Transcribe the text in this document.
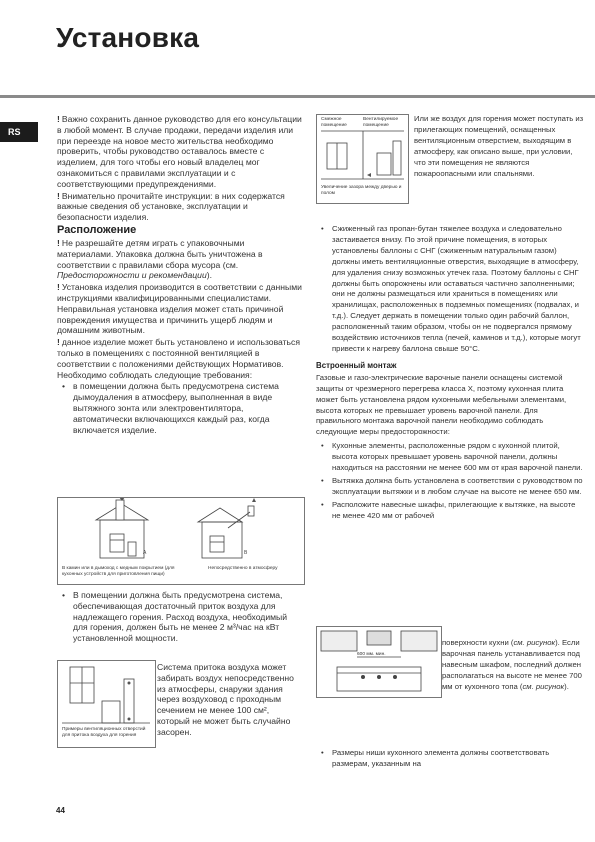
Установка
RS

! Важно сохранить данное руководство для его консультации в любой момент. В случае продажи, передачи изделия или при переезде на новое место жительства необходимо проверить, чтобы руководство оставалось вместе с изделием, для того чтобы его новый владелец мог ознакомиться с правилами эксплуатации и с соответствующими предупреждениями.

! Внимательно прочитайте инструкции: в них содержатся важные сведения об установке, эксплуатации и безопасности изделия.

Расположение

! Не разрешайте детям играть с упаковочными материалами. Упаковка должна быть уничтожена в соответствии с правилами сбора мусора (см. Предосторожности и рекомендации).

! Установка изделия производится в соответствии с данными инструкциями квалифицированными специалистами. Неправильная установка изделия может стать причиной повреждения имущества и причинить ущерб людям и домашним животным.

! данное изделие может быть установлено и использоваться только в помещениях с постоянной вентиляцией в соответствии с положениями действующих Нормативов. Необходимо соблюдать следующие требования:

• в помещении должна быть предусмотрена система дымоудаления в атмосферу, выполненная в виде вытяжного зонта или электровентилятора, автоматически включающихся каждый раз, когда включается изделие.
A	B
В камин или в дымоход с медным покрытием (для кухонных устройств для приготовления пищи)
Непосредственно в атмосферу
• В помещении должна быть предусмотрена система, обеспечивающая достаточный приток воздуха для надлежащего горения. Расход воздуха, необходимый для горения, должен быть не менее 2 м³/час на кВт установленной мощности.
Примеры вентиляционных отверстий для притока воздуха для горения
Система притока воздуха может забирать воздух непосредственно из атмосферы, снаружи здания через воздуховод с проходным сечением не менее 100 см², который не может быть случайно засорен.
Смежное помещение
Вентилируемое помещение
Увеличение зазора между дверью и полом
Или же воздух для горения может поступать из прилегающих помещений, оснащенных вентиляционным отверстием, выходящим в атмосферу, как описано выше, при условии, что эти помещения не являются пожароопасными или спальнями.
• Сжиженный газ пропан-бутан тяжелее воздуха и следовательно застаивается внизу. По этой причине помещения, в которых установлены баллоны с СНГ (сжиженным натуральным газом) должны иметь вентиляционные отверстия, выходящие в атмосферу, для удаления снизу возможных утечек газа. Поэтому баллоны с СНГ должны быть опорожнены или оставаться частично заполненными; они не должны размещаться или храниться в помещениях или хранилищах, расположенных в подземных помещениях (подвалах, и т.д.). Следует держать в помещении только один рабочий баллон, расположенный таким образом, чтобы он не подвергался прямому воздействию источников тепла (печей, каминов и т.д.), которые могут привести к нагреву баллона свыше 50°С.
Встроенный монтаж

Газовые и газо-электрические варочные панели оснащены системой защиты от чрезмерного перегрева класса X, поэтому кухонная плита может быть установлена рядом кухонными мебельными элементами, высота которых не превышает уровень варочной панели. Для правильного монтажа варочной панели необходимо соблюдать следующие меры предосторожности:

• Кухонные элементы, расположенные рядом с кухонной плитой, высота которых превышает уровень варочной панели, должны находиться на расстоянии не менее 600 мм от края варочной панели.
• Вытяжка должна быть установлена в соответствии с руководством по эксплуатации вытяжки и в любом случае на высоте не менее 650 мм.
• Расположите навесные шкафы, прилегающие к вытяжке, на высоте не менее 420 мм от рабочей
600 мм. мин.
поверхности кухни (см. рисунок). Если варочная панель устанавливается под навесным шкафом, последний должен располагаться на высоте не менее 700 мм от кухонного топа (см. рисунок).
• Размеры ниши кухонного элемента должны соответствовать размерам, указанным на
44
